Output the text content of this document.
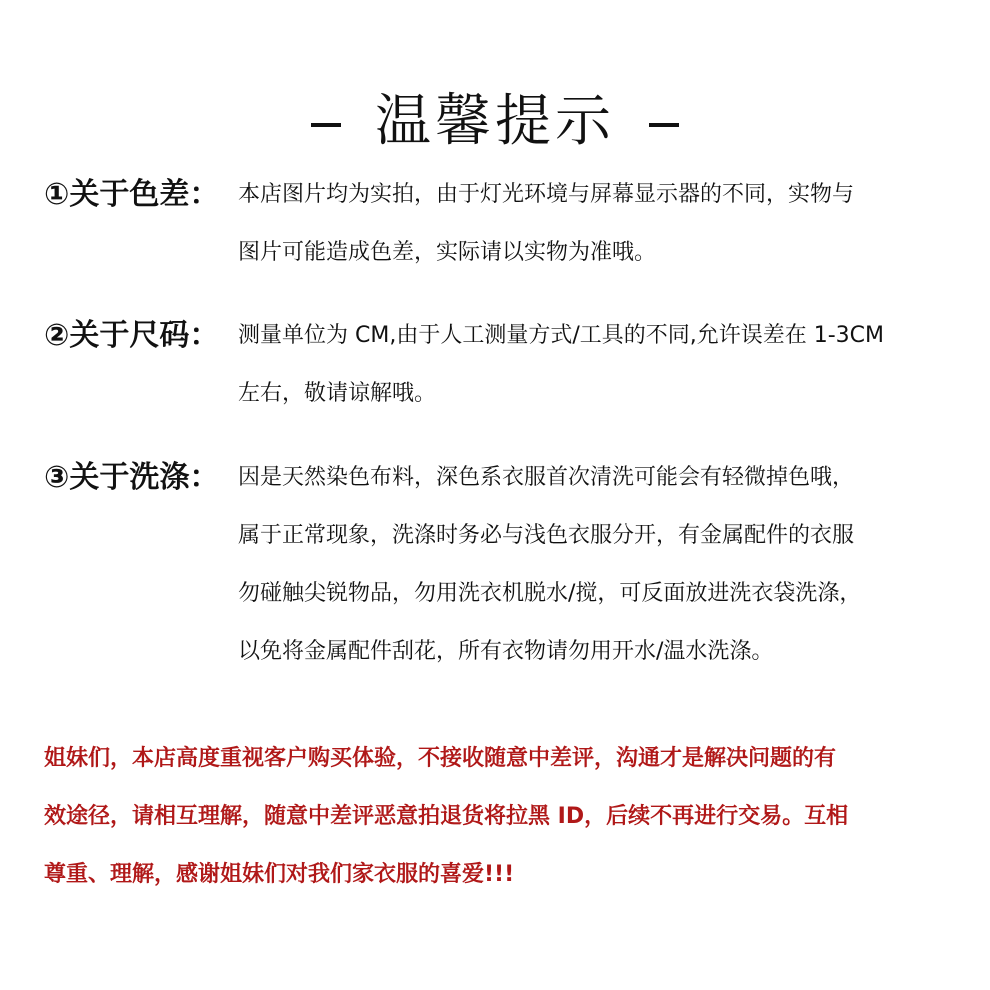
温馨提示
①关于色差： 本店图片均为实拍，由于灯光环境与屏幕显示器的不同，实物与
图片可能造成色差，实际请以实物为准哦。
②关于尺码： 测量单位为 CM,由于人工测量方式/工具的不同,允许误差在 1-3CM
左右，敬请谅解哦。
③关于洗涤： 因是天然染色布料，深色系衣服首次清洗可能会有轻微掉色哦，
属于正常现象，洗涤时务必与浅色衣服分开，有金属配件的衣服
勿碰触尖锐物品，勿用洗衣机脱水/搅，可反面放进洗衣袋洗涤，
以免将金属配件刮花，所有衣物请勿用开水/温水洗涤。
姐妹们，本店高度重视客户购买体验，不接收随意中差评，沟通才是解决问题的有
效途径，请相互理解，随意中差评恶意拍退货将拉黑 ID，后续不再进行交易。互相
尊重、理解，感谢姐妹们对我们家衣服的喜爱!!!
